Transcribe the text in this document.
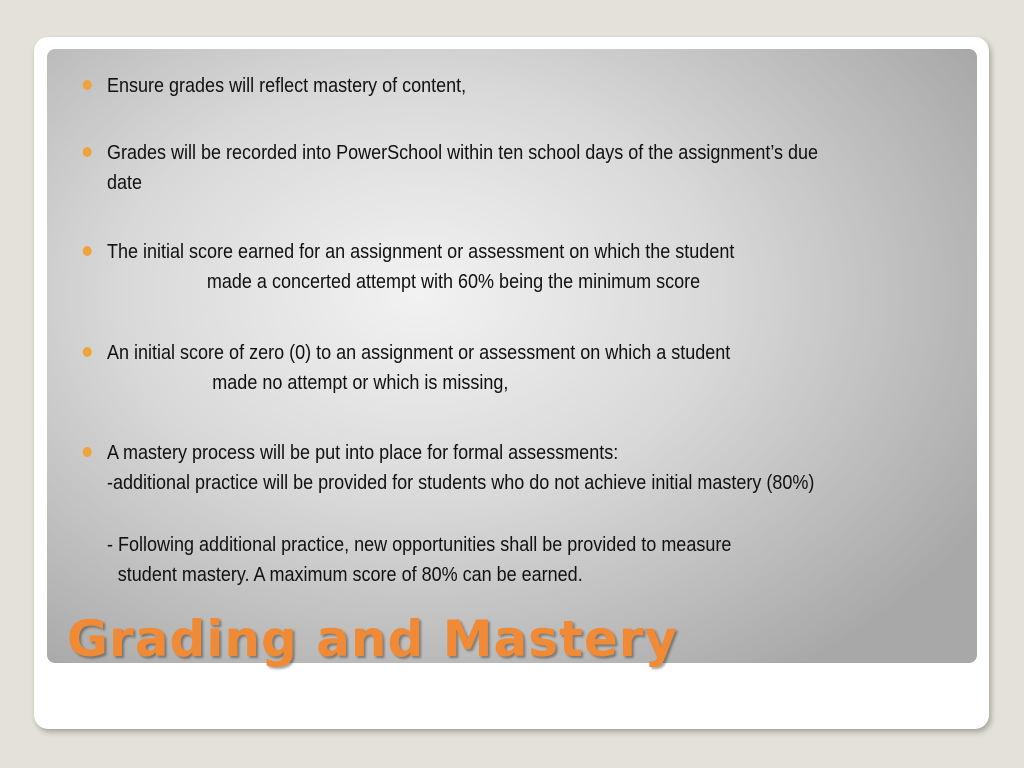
Ensure grades will reflect mastery of content,
Grades will be recorded into PowerSchool within ten school days of the assignment’s due
date
The initial score earned for an assignment or assessment on which the student
made a concerted attempt with 60% being the minimum score
An initial score of zero (0) to an assignment or assessment on which a student
made no attempt or which is missing,
A mastery process will be put into place for formal assessments:
-additional practice will be provided for students who do not achieve initial mastery (80%)
- Following additional practice, new opportunities shall be provided to measure
student mastery. A maximum score of 80% can be earned.
Grading and Mastery
